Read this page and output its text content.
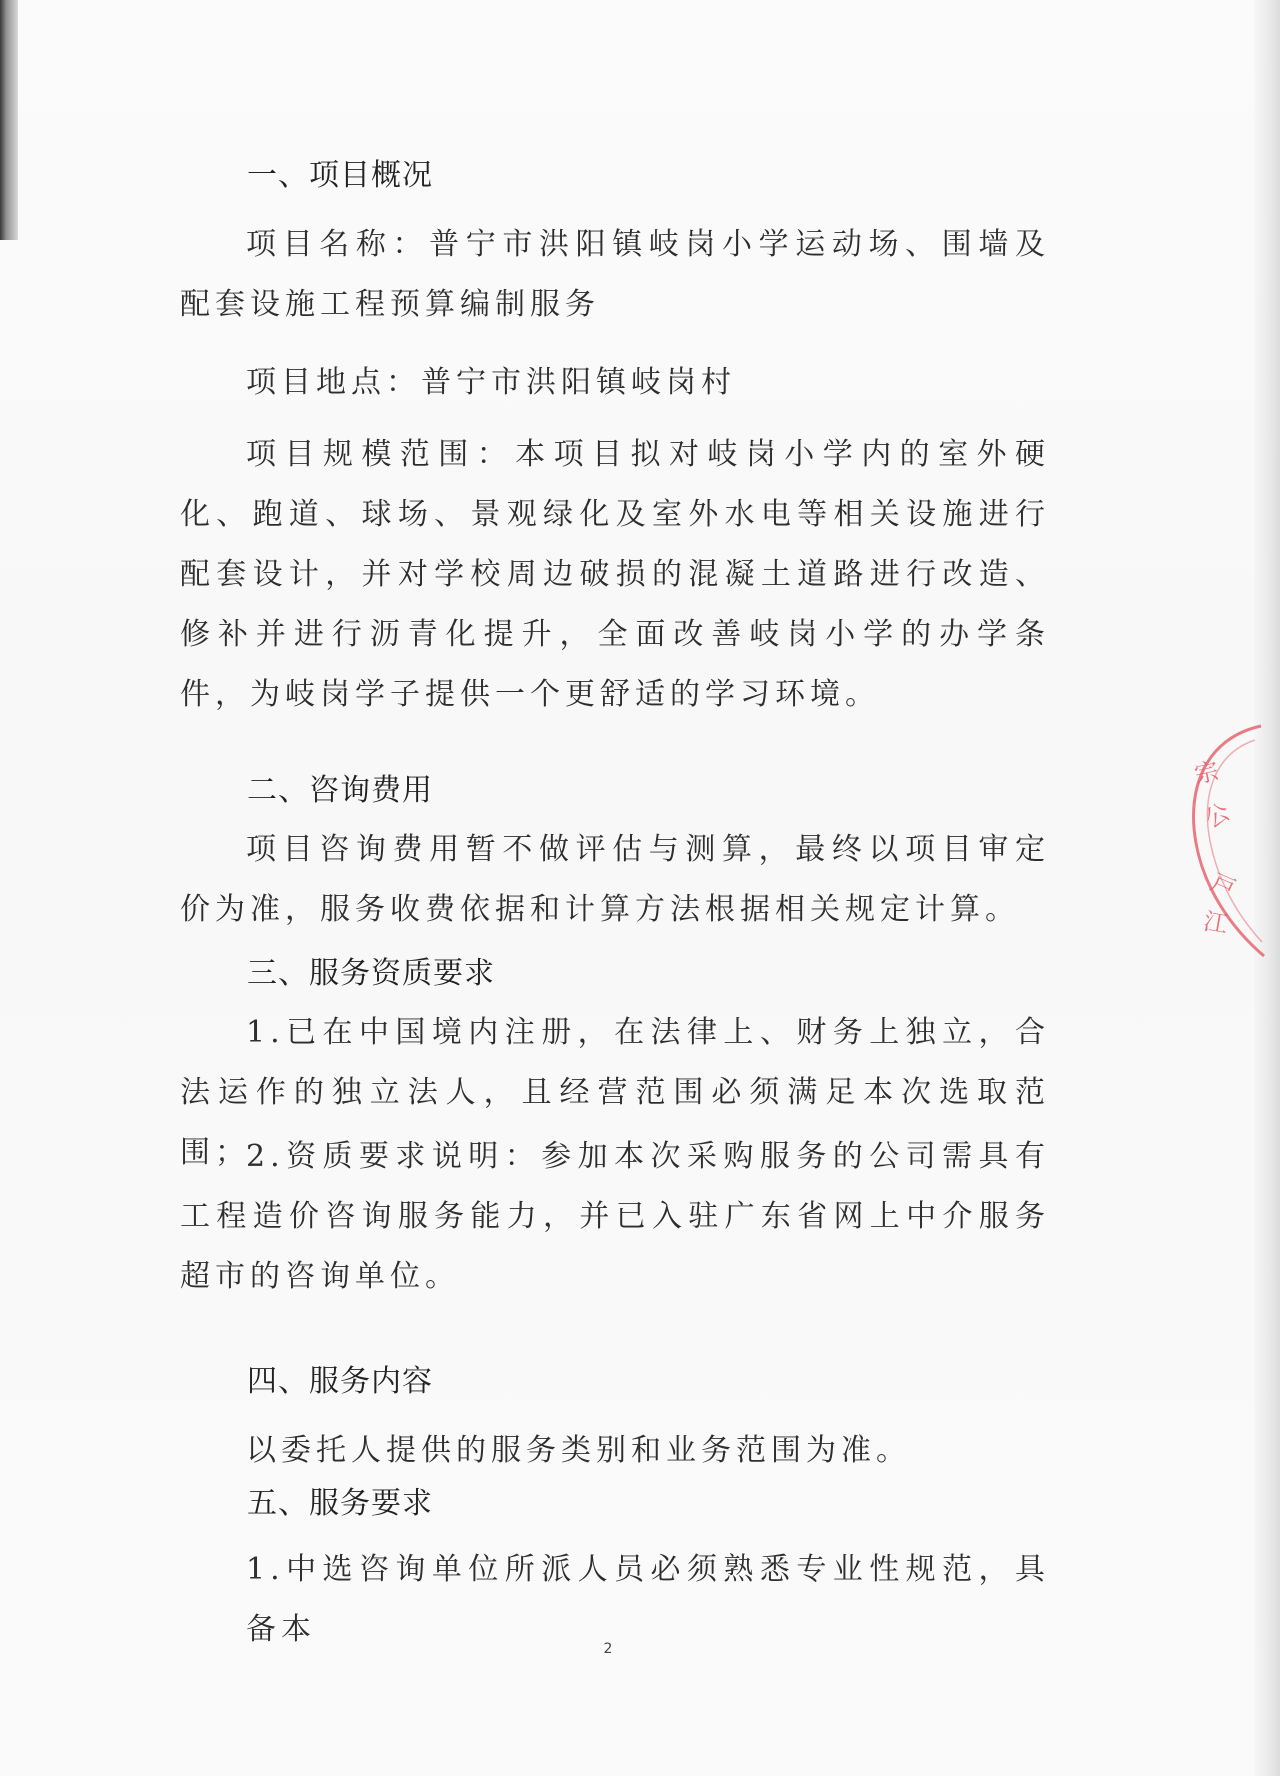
一、项目概况
项目名称：普宁市洪阳镇岐岗小学运动场、围墙及配套设施工程预算编制服务
项目地点：普宁市洪阳镇岐岗村
项目规模范围：本项目拟对岐岗小学内的室外硬化、跑道、球场、景观绿化及室外水电等相关设施进行配套设计，并对学校周边破损的混凝土道路进行改造、修补并进行沥青化提升，全面改善岐岗小学的办学条件，为岐岗学子提供一个更舒适的学习环境。
二、咨询费用
项目咨询费用暂不做评估与测算，最终以项目审定价为准，服务收费依据和计算方法根据相关规定计算。
三、服务资质要求
1.已在中国境内注册，在法律上、财务上独立，合法运作的独立法人，且经营范围必须满足本次选取范围；
2.资质要求说明：参加本次采购服务的公司需具有工程造价咨询服务能力，并已入驻广东省网上中介服务超市的咨询单位。
四、服务内容
以委托人提供的服务类别和业务范围为准。
五、服务要求
1.中选咨询单位所派人员必须熟悉专业性规范，具备本
2
宗
公
戸
江
